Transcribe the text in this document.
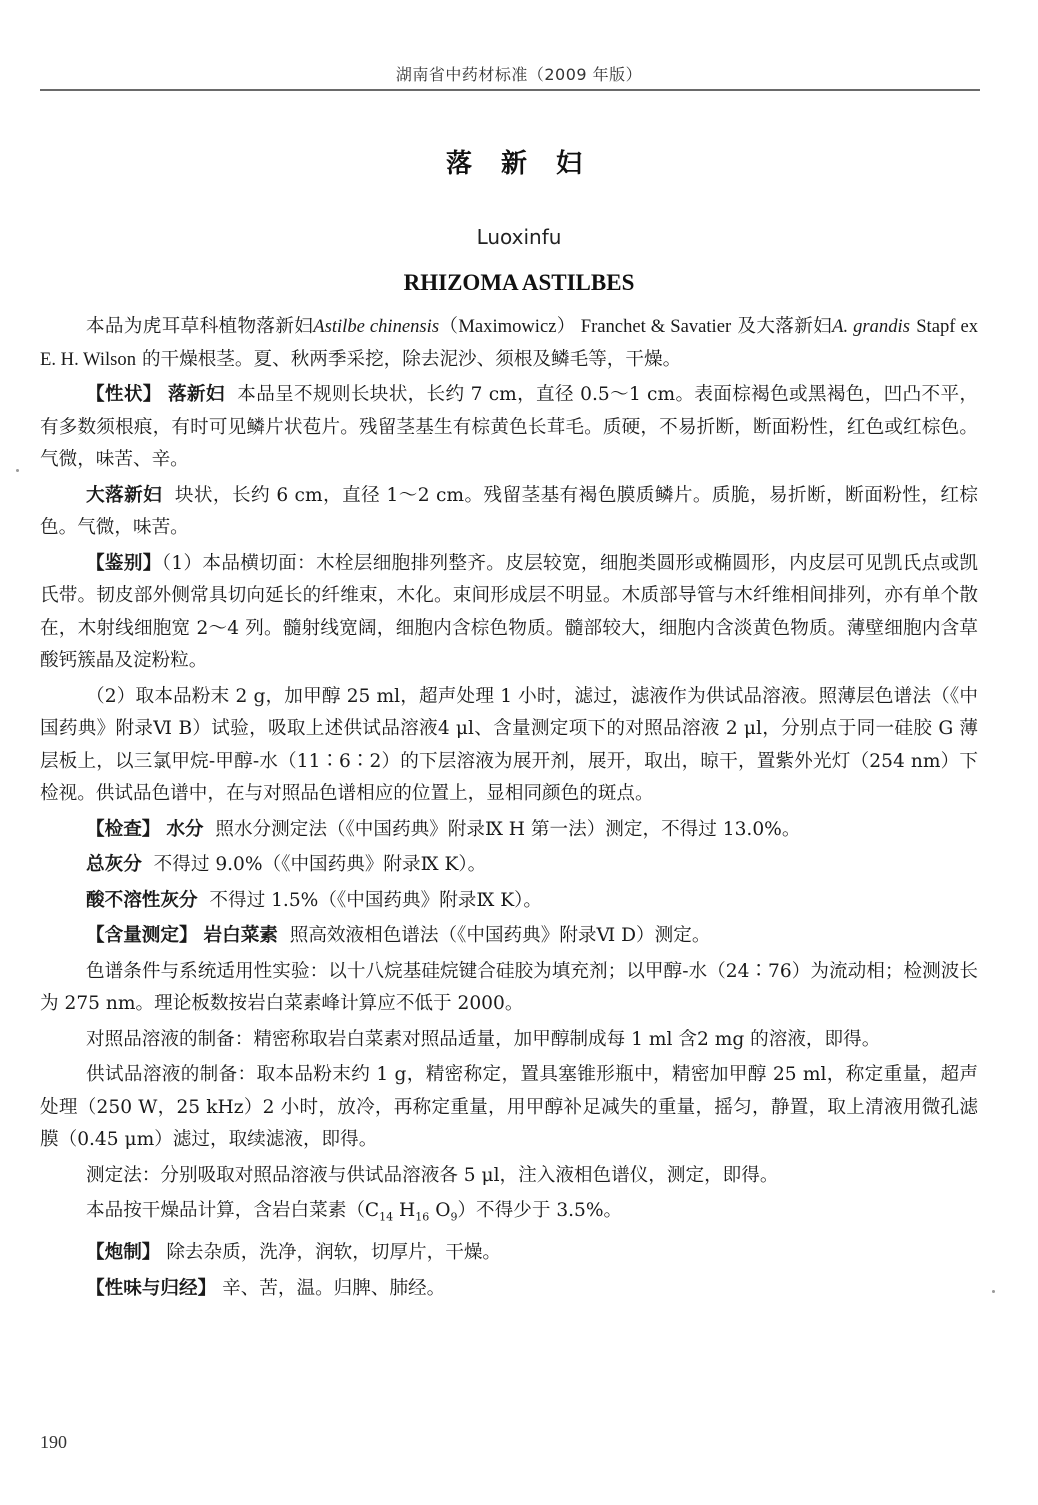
湖南省中药材标准（2009 年版）
落 新 妇
Luoxinfu
RHIZOMA ASTILBES

本品为虎耳草科植物落新妇Astilbe chinensis（Maximowicz） Franchet & Savatier 及大落新妇A. grandis Stapf ex E. H. Wilson 的干燥根茎。夏、秋两季采挖，除去泥沙、须根及鳞毛等，干燥。

【性状】 落新妇 本品呈不规则长块状，长约 7 cm，直径 0.5～1 cm。表面棕褐色或黑褐色，凹凸不平，有多数须根痕，有时可见鳞片状苞片。残留茎基生有棕黄色长茸毛。质硬，不易折断，断面粉性，红色或红棕色。气微，味苦、辛。

大落新妇 块状，长约 6 cm，直径 1～2 cm。残留茎基有褐色膜质鳞片。质脆，易折断，断面粉性，红棕色。气微，味苦。

【鉴别】（1）本品横切面：木栓层细胞排列整齐。皮层较宽，细胞类圆形或椭圆形，内皮层可见凯氏点或凯氏带。韧皮部外侧常具切向延长的纤维束，木化。束间形成层不明显。木质部导管与木纤维相间排列，亦有单个散在，木射线细胞宽 2～4 列。髓射线宽阔，细胞内含棕色物质。髓部较大，细胞内含淡黄色物质。薄壁细胞内含草酸钙簇晶及淀粉粒。

（2）取本品粉末 2 g，加甲醇 25 ml，超声处理 1 小时，滤过，滤液作为供试品溶液。照薄层色谱法（《中国药典》附录Ⅵ B）试验，吸取上述供试品溶液4 μl、含量测定项下的对照品溶液 2 μl，分别点于同一硅胶 G 薄层板上，以三氯甲烷-甲醇-水（11∶6∶2）的下层溶液为展开剂，展开，取出，晾干，置紫外光灯（254 nm）下检视。供试品色谱中，在与对照品色谱相应的位置上，显相同颜色的斑点。

【检查】 水分 照水分测定法（《中国药典》附录Ⅸ H 第一法）测定，不得过 13.0%。

总灰分 不得过 9.0%（《中国药典》附录Ⅸ K）。

酸不溶性灰分 不得过 1.5%（《中国药典》附录Ⅸ K）。

【含量测定】 岩白菜素 照高效液相色谱法（《中国药典》附录Ⅵ D）测定。

色谱条件与系统适用性实验：以十八烷基硅烷键合硅胶为填充剂；以甲醇-水（24∶76）为流动相；检测波长为 275 nm。理论板数按岩白菜素峰计算应不低于 2000。

对照品溶液的制备：精密称取岩白菜素对照品适量，加甲醇制成每 1 ml 含2 mg 的溶液，即得。

供试品溶液的制备：取本品粉末约 1 g，精密称定，置具塞锥形瓶中，精密加甲醇 25 ml，称定重量，超声处理（250 W，25 kHz）2 小时，放冷，再称定重量，用甲醇补足减失的重量，摇匀，静置，取上清液用微孔滤膜（0.45 μm）滤过，取续滤液，即得。

测定法：分别吸取对照品溶液与供试品溶液各 5 μl，注入液相色谱仪，测定，即得。

本品按干燥品计算，含岩白菜素（$C_{14}$ $H_{16}$ $O_9$）不得少于 3.5%。

【炮制】 除去杂质，洗净，润软，切厚片，干燥。

【性味与归经】 辛、苦，温。归脾、肺经。

190
汉
字
舟
PDG
